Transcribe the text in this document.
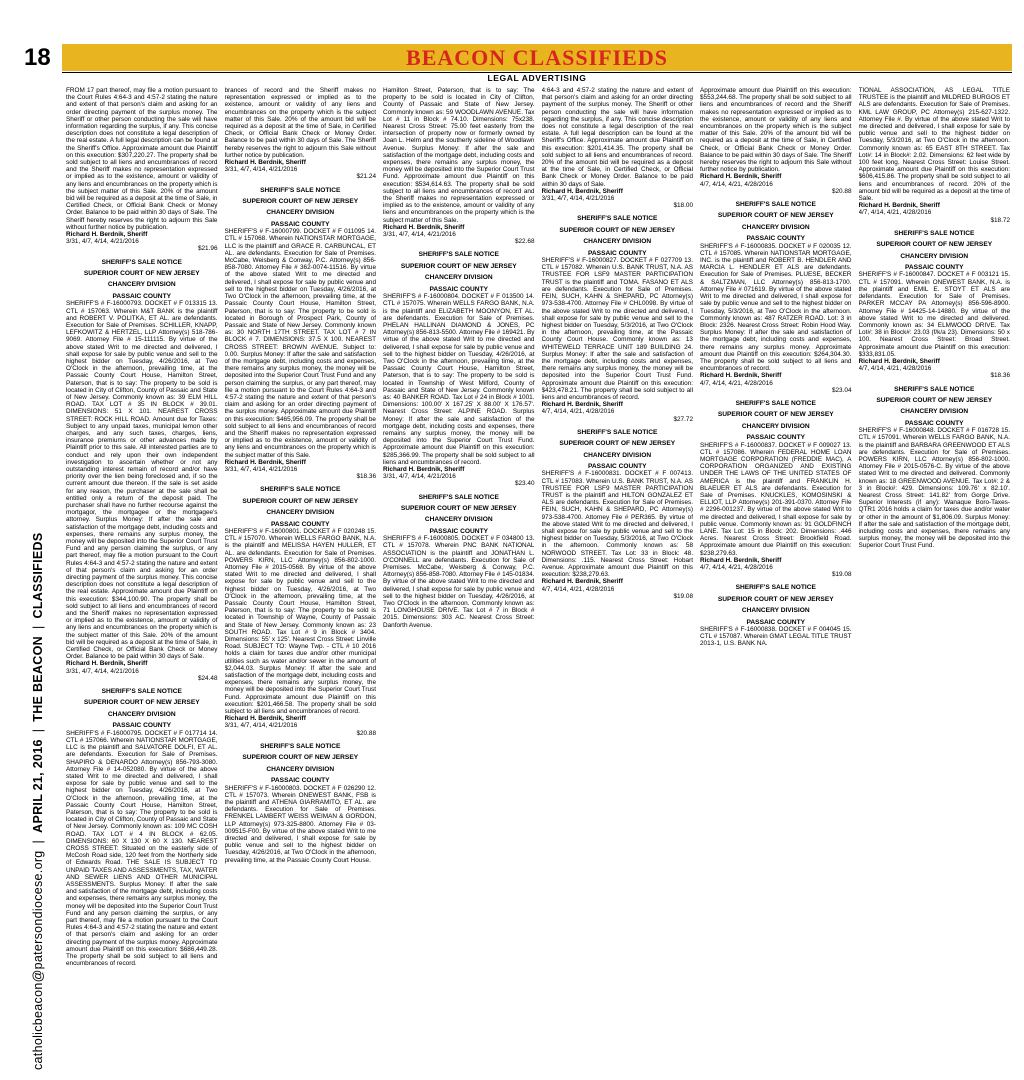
18
catholicbeacon@patersondiocese.org|APRIL 21, 2016|THE BEACON|CLASSIFIEDS
BEACON CLASSIFIEDS
LEGAL ADVERTISING

FROM 17 part thereof, may file a motion pursuant to the Court Rules 4:64-3 and 4:57-2 stating the nature and extent of that person's claim and asking for an order directing payment of the surplus money. The Sheriff or other person conducting the sale will have information regarding the surplus, if any. This concise description does not constitute a legal description of the real estate. A full legal description can be found at the Sheriff's Office. Approximate amount due Plaintiff on this execution: $307,220.27. The property shall be sold subject to all liens and encumbrances of record and the Sheriff makes no representation expressed or implied as to the existence, amount or validity of any liens and encumbrances on the property which is the subject matter of this Sale. 20% of the amount bid will be required as a deposit at the time of Sale, in Certified Check, or Official Bank Check or Money Order. Balance to be paid within 30 days of Sale. The Sheriff hereby reserves the right to adjourn this Sale without further notice by publication.

Richard H. Berdnik, Sheriff

3/31, 4/7, 4/14, 4/21/2016

$21.96

SHERIFF'S SALE NOTICE
SUPERIOR COURT OF NEW JERSEY
CHANCERY DIVISION
PASSAIC COUNTY

SHERIFF'S # F-16000793. DOCKET # F 013315 13. CTL # 157063. Wherein M&T BANK is the plaintiff and ROBERT V. POLITKA, ET AL. are defendants. Execution for Sale of Premises. SCHILLER, KNAPP, LEFKOWITZ & HERTZEL, LLP Attorney(s) 518-786-9069. Attorney File # 15-111115. By virtue of the above stated Writ to me directed and delivered, I shall expose for sale by public venue and sell to the highest bidder on Tuesday, 4/26/2016, at Two O'Clock in the afternoon, prevailing time, at the Passaic County Court House, Hamilton Street, Paterson, that is to say: The property to be sold is located in City of Clifton, County of Passaic and State of New Jersey. Commonly known as: 39 ELM HILL ROAD. TAX LOT # 35 IN BLOCK # 39.01. DIMENSIONS: 51 X 101. NEAREST CROSS STREET: ROCK HILL ROAD. Amount due for Taxes: Subject to any unpaid taxes, municipal lemon other charges, and any such taxes, charges, liens, insurance premiums or other advances made by Plaintiff prior to this sale. All interested parties are to conduct and rely upon their own independent investigation to ascertain whether or not any outstanding interest remain of record and/or have priority over the lien being foreclosed and, if so the current amount due thereon. If the sale is set aside for any reason, the purchaser at the sale shall be entitled only a return of the deposit paid. The purchaser shall have no further recourse against the mortgagor, the mortgagee or the mortgagee's attorney. Surplus Money: If after the sale and satisfaction of the mortgage debt, including costs and expenses, there remains any surplus money, the money will be deposited into the Superior Court Trust Fund and any person claiming the surplus, or any part thereof, may file a motion pursuant to the Court Rules 4:64-3 and 4:57-2 stating the nature and extent of that person's claim and asking for an order directing payment of the surplus money. This concise description does not constitute a legal description of the real estate. Approximate amount due Plaintiff on this execution: $344,100.90. The property shall be sold subject to all liens and encumbrances of record and the Sheriff makes no representation expressed or implied as to the existence, amount or validity of any liens and encumbrances on the property which is the subject matter of this Sale. 20% of the amount bid will be required as a deposit at the time of Sale, in Certified Check, or Official Bank Check or Money Order. Balance to be paid within 30 days of Sale.

Richard H. Berdnik, Sheriff

3/31, 4/7, 4/14, 4/21/2016

$24.48

SHERIFF'S SALE NOTICE
SUPERIOR COURT OF NEW JERSEY
CHANCERY DIVISION
PASSAIC COUNTY

SHERIFF'S # F-16000795. DOCKET # F 017714 14. CTL # 157066. Wherein NATIONSTAR MORTGAGE, LLC is the plaintiff and SALVATORE DOLFI, ET AL. are defendants. Execution for Sale of Premises. SHAPIRO & DENARDO Attorney(s) 856-793-3080. Attorney File # 14-052080. By virtue of the above stated Writ to me directed and delivered, I shall expose for sale by public venue and sell to the highest bidder on Tuesday, 4/26/2016, at Two O'Clock in the afternoon, prevailing time, at the Passaic County Court House, Hamilton Street, Paterson, that is to say: The property to be sold is located in City of Clifton, County of Passaic and State of New Jersey. Commonly known as: 109 MC COSH ROAD. TAX LOT # 4 IN BLOCK # 62.05. DIMENSIONS: 60 X 130 X 60 X 130. NEAREST CROSS STREET: Situated on the easterly side of McCosh Road side, 120 feet from the Northerly side of Edwards Road. THE SALE IS SUBJECT TO UNPAID TAXES AND ASSESSMENTS, TAX, WATER AND SEWER LIENS AND OTHER MUNICIPAL ASSESSMENTS. Surplus Money: If after the sale and satisfaction of the mortgage debt, including costs and expenses, there remains any surplus money, the money will be deposited into the Superior Court Trust Fund and any person claiming the surplus, or any part thereof, may file a motion pursuant to the Court Rules 4:64-3 and 4:57-2 stating the nature and extent of that person's claim and asking for an order directing payment of the surplus money. Approximate amount due Plaintiff on this execution: $686,449.28. The property shall be sold subject to all liens and encumbrances of record.

brances of record and the Sheriff makes no representation expressed or implied as to the existence, amount or validity of any liens and encumbrances on the property which is the subject matter of this Sale. 20% of the amount bid will be required as a deposit at the time of Sale, in Certified Check, or Official Bank Check or Money Order. Balance to be paid within 30 days of Sale. The Sheriff hereby reserves the right to adjourn this Sale without further notice by publication.

Richard H. Berdnik, Sheriff

3/31, 4/7, 4/14, 4/21/2016

$21.24

SHERIFF'S SALE NOTICE
SUPERIOR COURT OF NEW JERSEY
CHANCERY DIVISION
PASSAIC COUNTY

SHERIFF'S # F-16000799. DOCKET # F 011095 14. CTL # 157068. Wherein NATIONSTAR MORTGAGE, LLC is the plaintiff and GRACE R. CARBUNCAL, ET AL. are defendants. Execution for Sale of Premises. McCabe, Weisberg & Conway, P.C. Attorney(s) 856-858-7080. Attorney File # 362-0074-11516. By virtue of the above stated Writ to me directed and delivered, I shall expose for sale by public venue and sell to the highest bidder on Tuesday, 4/26/2016, at Two O'Clock in the afternoon, prevailing time, at the Passaic County Court House, Hamilton Street, Paterson, that is to say: The property to be sold is located in Borough of Prospect Park, County of Passaic and State of New Jersey. Commonly known as: 30 NORTH 17TH STREET. TAX LOT # 7 IN BLOCK # 7. DIMENSIONS: 37.5 X 100. NEAREST CROSS STREET: BROWN AVENUE. Subject to: 0.00. Surplus Money: If after the sale and satisfaction of the mortgage debt, including costs and expenses, there remains any surplus money, the money will be deposited into the Superior Court Trust Fund and any person claiming the surplus, or any part thereof, may file a motion pursuant to the Court Rules 4:64-3 and 4:57-2 stating the nature and extent of that person's claim and asking for an order directing payment of the surplus money. Approximate amount due Plaintiff on this execution: $465,956.09. The property shall be sold subject to all liens and encumbrances of record and the Sheriff makes no representation expressed or implied as to the existence, amount or validity of any liens and encumbrances on the property which is the subject matter of this Sale.

Richard H. Berdnik, Sheriff

3/31, 4/7, 4/14, 4/21/2016

$18.36

SHERIFF'S SALE NOTICE
SUPERIOR COURT OF NEW JERSEY
CHANCERY DIVISION
PASSAIC COUNTY

SHERIFF'S # F-16000801. DOCKET # F 020248 15. CTL # 157070. Wherein WELLS FARGO BANK, N.A. is the plaintiff and MELISSA HAYEN HULLER, ET AL. are defendants. Execution for Sale of Premises. POWERS KIRN, LLC Attorney(s) 856-802-1000. Attorney File # 2015-0568. By virtue of the above stated Writ to me directed and delivered, I shall expose for sale by public venue and sell to the highest bidder on Tuesday, 4/26/2016, at Two O'Clock in the afternoon, prevailing time, at the Passaic County Court House, Hamilton Street, Paterson, that is to say: The property to be sold is located in Township of Wayne, County of Passaic and State of New Jersey. Commonly known as: 23 SOUTH ROAD. Tax Lot # 9 in Block # 3404. Dimensions: 55' x 125'. Nearest Cross Street: Linville Road. SUBJECT TO: Wayne Twp. - CTL # 10 2016 holds a claim for taxes due and/or other municipal utilities such as water and/or sewer in the amount of $2,044.03. Surplus Money: If after the sale and satisfaction of the mortgage debt, including costs and expenses, there remains any surplus money, the money will be deposited into the Superior Court Trust Fund. Approximate amount due Plaintiff on this execution: $201,466.58. The property shall be sold subject to all liens and encumbrances of record.

Richard H. Berdnik, Sheriff

3/31, 4/7, 4/14, 4/21/2016

$20.88

SHERIFF'S SALE NOTICE
SUPERIOR COURT OF NEW JERSEY
CHANCERY DIVISION
PASSAIC COUNTY

SHERIFF'S # F-16000803. DOCKET # F 026290 12. CTL # 157073. Wherein ONEWEST BANK, FSB is the plaintiff and ATHENA GIARRAMITO, ET AL. are defendants. Execution for Sale of Premises. FRENKEL LAMBERT WEISS WEIMAN & GORDON, LLP Attorney(s) 973-325-8800. Attorney File # 03-009515-F00. By virtue of the above stated Writ to me directed and delivered, I shall expose for sale by public venue and sell to the highest bidder on Tuesday, 4/26/2016, at Two O'Clock in the afternoon, prevailing time, at the Passaic County Court House.

Hamilton Street, Paterson, that is to say: The property to be sold is located in City of Clifton, County of Passaic and State of New Jersey. Commonly known as: 59 WOODLAWN AVENUE. Tax Lot # 11 in Block # 74.10. Dimensions: 75x238. Nearest Cross Street: 75.00 feet easterly from the intersection of property now or formerly owned by Joan L. Helm and the southerly sideline of Woodlawn Avenue. Surplus Money: If after the sale and satisfaction of the mortgage debt, including costs and expenses, there remains any surplus money, the money will be deposited into the Superior Court Trust Fund. Approximate amount due Plaintiff on this execution: $534,614.63. The property shall be sold subject to all liens and encumbrances of record and the Sheriff makes no representation expressed or implied as to the existence, amount or validity of any liens and encumbrances on the property which is the subject matter of this Sale.

Richard H. Berdnik, Sheriff

3/31, 4/7, 4/14, 4/21/2016

$22.68

SHERIFF'S SALE NOTICE
SUPERIOR COURT OF NEW JERSEY
CHANCERY DIVISION
PASSAIC COUNTY

SHERIFF'S # F-16000804. DOCKET # F 013500 14. CTL # 157075. Wherein WELLS FARGO BANK, N.A. is the plaintiff and ELIZABETH MOONYON, ET AL. are defendants. Execution for Sale of Premises. PHELAN HALLINAN DIAMOND & JONES, PC Attorney(s) 856-813-5500. Attorney File # 169421. By virtue of the above stated Writ to me directed and delivered, I shall expose for sale by public venue and sell to the highest bidder on Tuesday, 4/26/2016, at Two O'Clock in the afternoon, prevailing time, at the Passaic County Court House, Hamilton Street, Paterson, that is to say: The property to be sold is located in Township of West Milford, County of Passaic and State of New Jersey. Commonly known as: 40 BANKER ROAD. Tax Lot # 24 in Block # 1001. Dimensions: 100.00' X 167.25' X 88.00' X 176.57'. Nearest Cross Street: ALPINE ROAD. Surplus Money: If after the sale and satisfaction of the mortgage debt, including costs and expenses, there remains any surplus money, the money will be deposited into the Superior Court Trust Fund. Approximate amount due Plaintiff on this execution: $285,366.99. The property shall be sold subject to all liens and encumbrances of record.

Richard H. Berdnik, Sheriff

3/31, 4/7, 4/14, 4/21/2016

$23.40

SHERIFF'S SALE NOTICE
SUPERIOR COURT OF NEW JERSEY
CHANCERY DIVISION
PASSAIC COUNTY

SHERIFF'S # F-16000805. DOCKET # F 034800 13. CTL # 157078. Wherein PNC BANK NATIONAL ASSOCIATION is the plaintiff and JONATHAN L. O'CONNELL are defendants. Execution for Sale of Premises. McCabe, Weisberg & Conway, P.C. Attorney(s) 856-858-7080. Attorney File # 145-01834. By virtue of the above stated Writ to me directed and delivered, I shall expose for sale by public venue and sell to the highest bidder on Tuesday, 4/26/2016, at Two O'Clock in the afternoon. Commonly known as: 71 LONGHOUSE DRIVE. Tax Lot # 7 in Block # 2015. Dimensions: 303 AC. Nearest Cross Street: Danforth Avenue.

4:64-3 and 4:57-2 stating the nature and extent of that person's claim and asking for an order directing payment of the surplus money. The Sheriff or other person conducting the sale will have information regarding the surplus, if any. This concise description does not constitute a legal description of the real estate. A full legal description can be found at the Sheriff's Office. Approximate amount due Plaintiff on this execution: $201,414.35. The property shall be sold subject to all liens and encumbrances of record. 20% of the amount bid will be required as a deposit at the time of Sale, in Certified Check, or Official Bank Check or Money Order. Balance to be paid within 30 days of Sale.

Richard H. Berdnik, Sheriff

3/31, 4/7, 4/14, 4/21/2016

$18.00

SHERIFF'S SALE NOTICE
SUPERIOR COURT OF NEW JERSEY
CHANCERY DIVISION
PASSAIC COUNTY

SHERIFF'S # F-16000827. DOCKET # F 027709 13. CTL # 157082. Wherein U.S. BANK TRUST, N.A. AS TRUSTEE FOR LSF9 MASTER PARTICIPATION TRUST is the plaintiff and TOMA. FASANO ET ALS are defendants. Execution for Sale of Premises. FEIN, SUCH, KAHN & SHEPARD, PC Attorney(s) 973-538-4700. Attorney File # CHL0098. By virtue of the above stated Writ to me directed and delivered, I shall expose for sale by public venue and sell to the highest bidder on Tuesday, 5/3/2016, at Two O'Clock in the afternoon, prevailing time, at the Passaic County Court House. Commonly known as: 13 WHITEWELD TERRACE UNIT 189 BUILDING 24. Surplus Money: If after the sale and satisfaction of the mortgage debt, including costs and expenses, there remains any surplus money, the money will be deposited into the Superior Court Trust Fund. Approximate amount due Plaintiff on this execution: $423,478.21. The property shall be sold subject to all liens and encumbrances of record.

Richard H. Berdnik, Sheriff

4/7, 4/14, 4/21, 4/28/2016

$27.72

SHERIFF'S SALE NOTICE
SUPERIOR COURT OF NEW JERSEY
CHANCERY DIVISION
PASSAIC COUNTY

SHERIFF'S # F-16000831. DOCKET # F 007413. CTL # 157083. Wherein U.S. BANK TRUST, N.A. AS TRUSTEE FOR LSF9 MASTER PARTICIPATION TRUST is the plaintiff and HILTON GONZALEZ ET ALS are defendants. Execution for Sale of Premises. FEIN, SUCH, KAHN & SHEPARD, PC Attorney(s) 973-538-4700. Attorney File # PER365. By virtue of the above stated Writ to me directed and delivered, I shall expose for sale by public venue and sell to the highest bidder on Tuesday, 5/3/2016, at Two O'Clock in the afternoon. Commonly known as: 58 NORWOOD STREET. Tax Lot: 33 in Block: 48. Dimensions: .115. Nearest Cross Street: Hobart Avenue. Approximate amount due Plaintiff on this execution: $238,279.63.

Richard H. Berdnik, Sheriff

4/7, 4/14, 4/21, 4/28/2016

$19.08

Approximate amount due Plaintiff on this execution: $553,244.68. The property shall be sold subject to all liens and encumbrances of record and the Sheriff makes no representation expressed or implied as to the existence, amount or validity of any liens and encumbrances on the property which is the subject matter of this Sale. 20% of the amount bid will be required as a deposit at the time of Sale, in Certified Check, or Official Bank Check or Money Order. Balance to be paid within 30 days of Sale. The Sheriff hereby reserves the right to adjourn this Sale without further notice by publication.

Richard H. Berdnik, Sheriff

4/7, 4/14, 4/21, 4/28/2016

$20.88

SHERIFF'S SALE NOTICE
SUPERIOR COURT OF NEW JERSEY
CHANCERY DIVISION
PASSAIC COUNTY

SHERIFF'S # F-16000835. DOCKET # F 020035 12. CTL # 157085. Wherein NATIONSTAR MORTGAGE, INC. is the plaintiff and ROBERT B. HENDLER AND MARCIA L. HENDLER ET ALS are defendants. Execution for Sale of Premises. PLUESE, BECKER & SALTZMAN, LLC Attorney(s) 856-813-1700. Attorney File # 071619. By virtue of the above stated Writ to me directed and delivered, I shall expose for sale by public venue and sell to the highest bidder on Tuesday, 5/3/2016, at Two O'Clock in the afternoon. Commonly known as: 487 RATZER ROAD. Lot: 3 in Block: 2326. Nearest Cross Street: Robin Hood Way. Surplus Money: If after the sale and satisfaction of the mortgage debt, including costs and expenses, there remains any surplus money. Approximate amount due Plaintiff on this execution: $264,304.30. The property shall be sold subject to all liens and encumbrances of record.

Richard H. Berdnik, Sheriff

4/7, 4/14, 4/21, 4/28/2016

$23.04

SHERIFF'S SALE NOTICE
SUPERIOR COURT OF NEW JERSEY
CHANCERY DIVISION
PASSAIC COUNTY

SHERIFF'S # F-16000837. DOCKET # F 009027 13. CTL # 157086. Wherein FEDERAL HOME LOAN MORTGAGE CORPORATION (FREDDIE MAC), A CORPORATION ORGANIZED AND EXISTING UNDER THE LAWS OF THE UNITED STATES OF AMERICA is the plaintiff and FRANKLIN H. BLAEUER ET ALS are defendants. Execution for Sale of Premises. KNUCKLES, KOMOSINSKI & ELLIOT, LLP Attorney(s) 201-391-0370. Attorney File # 2296-001237. By virtue of the above stated Writ to me directed and delivered, I shall expose for sale by public venue. Commonly known as: 91 GOLDFINCH LANE. Tax Lot: 15 in Block: 202. Dimensions: .446 Acres. Nearest Cross Street: Brookfield Road. Approximate amount due Plaintiff on this execution: $238,279.63.

Richard H. Berdnik, Sheriff

4/7, 4/14, 4/21, 4/28/2016

$19.08

SHERIFF'S SALE NOTICE
SUPERIOR COURT OF NEW JERSEY
CHANCERY DIVISION
PASSAIC COUNTY

SHERIFF'S # F-16000838. DOCKET # F 004045 15. CTL # 157087. Wherein GMAT LEGAL TITLE TRUST 2013-1, U.S. BANK NA.

TIONAL ASSOCIATION, AS LEGAL TITLE TRUSTEE is the plaintiff and MILDRED BURGOS ET ALS are defendants. Execution for Sale of Premises. KML LAW GROUP, PC Attorney(s) 215-627-1322. Attorney File #. By virtue of the above stated Writ to me directed and delivered, I shall expose for sale by public venue and sell to the highest bidder on Tuesday, 5/3/2016, at Two O'Clock in the afternoon. Commonly known as: 65 EAST 8TH STREET. Tax Lot#: 14 in Block#: 2.02. Dimensions: 62 feet wide by 100 feet long. Nearest Cross Street: Louise Street. Approximate amount due Plaintiff on this execution: $606,415.86. The property shall be sold subject to all liens and encumbrances of record. 20% of the amount bid will be required as a deposit at the time of Sale.

Richard H. Berdnik, Sheriff

4/7, 4/14, 4/21, 4/28/2016

$18.72

SHERIFF'S SALE NOTICE
SUPERIOR COURT OF NEW JERSEY
CHANCERY DIVISION
PASSAIC COUNTY

SHERIFF'S # F-16000847. DOCKET # F 003121 15. CTL # 157091. Wherein ONEWEST BANK, N.A. is the plaintiff and EMIL E. STOYT ET ALS are defendants. Execution for Sale of Premises. PARKER MCCAY PA Attorney(s) 856-596-8900. Attorney File # 14425-14-14880. By virtue of the above stated Writ to me directed and delivered. Commonly known as: 34 ELMWOOD DRIVE. Tax Lot#: 38 in Block#: 23.03 (f/k/a 23). Dimensions: 50 x 100. Nearest Cross Street: Broad Street. Approximate amount due Plaintiff on this execution: $333,831.05.

Richard H. Berdnik, Sheriff

4/7, 4/14, 4/21, 4/28/2016

$18.36

SHERIFF'S SALE NOTICE
SUPERIOR COURT OF NEW JERSEY
CHANCERY DIVISION
PASSAIC COUNTY

SHERIFF'S # F-16000848. DOCKET # F 016728 15. CTL # 157091. Wherein WELLS FARGO BANK, N.A. is the plaintiff and BARBARA GREENWOOD ET ALS are defendants. Execution for Sale of Premises. POWERS KIRN, LLC Attorney(s) 856-802-1000. Attorney File # 2015-0576-C. By virtue of the above stated Writ to me directed and delivered. Commonly known as: 18 GREENWOOD AVENUE. Tax Lot#: 2 & 3 in Block#: 429. Dimensions: 109.76' x 82.10'. Nearest Cross Street: 141.82' from Gorge Drive. Superior Interests (if any): Wanaque Boro-Taxes-QTR1 2016 holds a claim for taxes due and/or water or other in the amount of $1,806.09. Surplus Money: If after the sale and satisfaction of the mortgage debt, including costs and expenses, there remains any surplus money, the money will be deposited into the Superior Court Trust Fund.
